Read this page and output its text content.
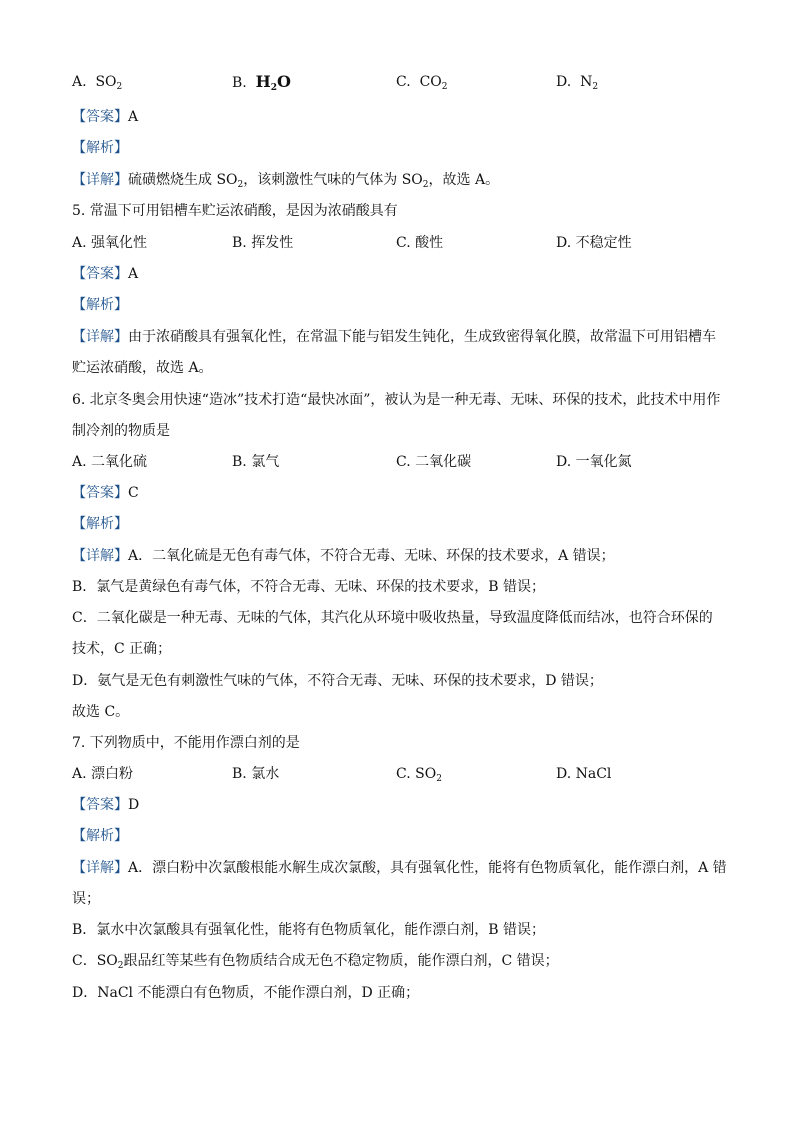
A. $SO_2$	B. $H_2O$	C. $CO_2$	D. $N_2$
【答案】A
【解析】
【详解】硫磺燃烧生成 $SO_2$，该刺激性气味的气体为 $SO_2$，故选 A。
5. 常温下可用铝槽车贮运浓硝酸，是因为浓硝酸具有
A. 强氧化性	B. 挥发性	C. 酸性	D. 不稳定性
【答案】A
【解析】
【详解】由于浓硝酸具有强氧化性，在常温下能与铝发生钝化，生成致密得氧化膜，故常温下可用铝槽车
贮运浓硝酸，故选 A。
6. 北京冬奥会用快速“造冰”技术打造“最快冰面”，被认为是一种无毒、无味、环保的技术，此技术中用作
制冷剂的物质是
A. 二氧化硫	B. 氯气	C. 二氧化碳	D. 一氧化氮
【答案】C
【解析】
【详解】A．二氧化硫是无色有毒气体，不符合无毒、无味、环保的技术要求，A 错误；
B．氯气是黄绿色有毒气体，不符合无毒、无味、环保的技术要求，B 错误；
C．二氧化碳是一种无毒、无味的气体，其汽化从环境中吸收热量，导致温度降低而结冰，也符合环保的
技术，C 正确；
D．氨气是无色有刺激性气味的气体，不符合无毒、无味、环保的技术要求，D 错误；
故选 C。
7. 下列物质中，不能用作漂白剂的是
A. 漂白粉	B. 氯水	C. $SO_2$	D. NaCl
【答案】D
【解析】
【详解】A．漂白粉中次氯酸根能水解生成次氯酸，具有强氧化性，能将有色物质氧化，能作漂白剂，A 错
误；
B．氯水中次氯酸具有强氧化性，能将有色物质氧化，能作漂白剂，B 错误；
C．$SO_2$跟品红等某些有色物质结合成无色不稳定物质，能作漂白剂，C 错误；
D．NaCl 不能漂白有色物质，不能作漂白剂，D 正确；
